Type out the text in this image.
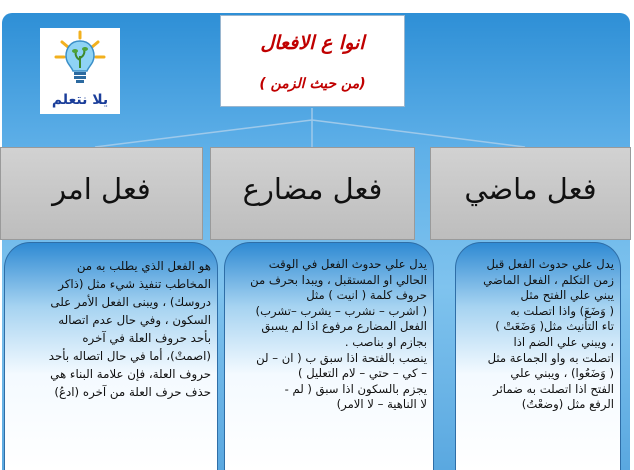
يلا نتعلم
انوا ع الافعال
(من حيث الزمن )
فعل امر	فعل مضارع	فعل ماضي
هو الفعل الذي يطلب به من
المخاطب تنفيذ شيء مثل (ذاكر
دروسك) ، ويبنى الفعل الأمر على
السكون ، وفي حال عدم اتصاله
بأحد حروف العلة في آخره
(اصمتْ)، أما في حال اتصاله بأحد
حروف العلة، فإن علامة البناء هي
حذف حرف العلة من آخره (ادعُ)
يدل علي حدوث الفعل في الوقت
الحالي او المستقبل ، ويبدا بحرف من
حروف كلمة ( انيت ) مثل
( اشرب – نشرب – يشرب –تشرب)
الفعل المضارع مرفوع اذا لم يسبق
بجازم او بناصب .
ينصب بالفتحة اذا سبق ب ( ان – لن
– كي – حتي – لام التعليل )
يجزم بالسكون اذا سبق ( لم -
لا الناهية – لا الامر)
يدل علي حدوث الفعل قبل
زمن التكلم ، الفعل الماضي
يبني علي الفتح مثل
( وَضَعَ) واذا اتصلت به
تاء التأنيث مثل( وَضَعَتْ )
، ويبني علي الضم اذا
اتصلت به واو الجماعة مثل
( وَضَعُوا) ، ويبني علي
الفتح اذا اتصلت به ضمائر
الرفع مثل (وضعْتُ)
